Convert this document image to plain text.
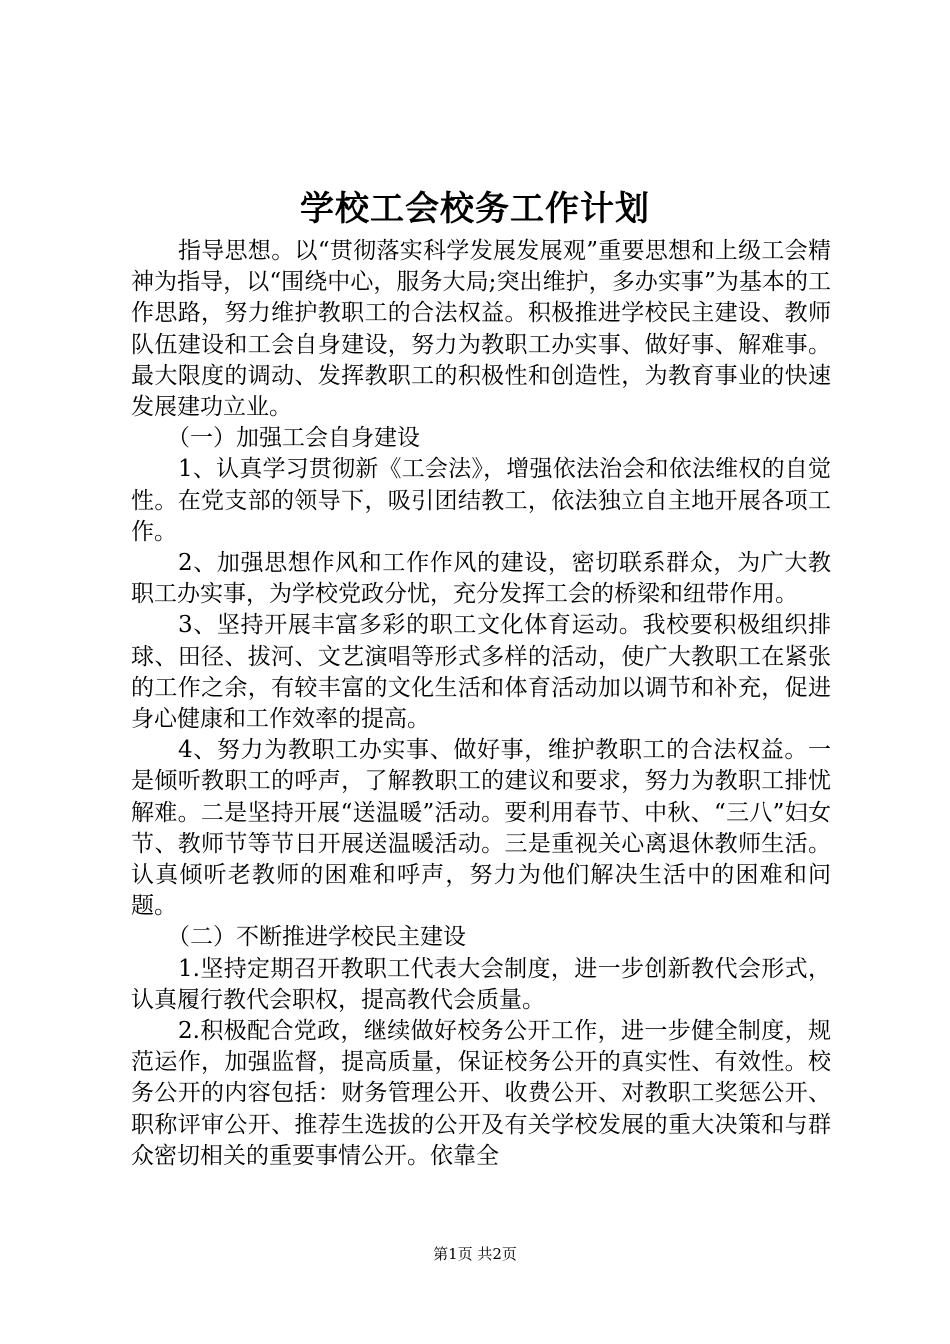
学校工会校务工作计划

指导思想。以“贯彻落实科学发展发展观”重要思想和上级工会精神为指导，以“围绕中心，服务大局;突出维护，多办实事”为基本的工作思路，努力维护教职工的合法权益。积极推进学校民主建设、教师队伍建设和工会自身建设，努力为教职工办实事、做好事、解难事。最大限度的调动、发挥教职工的积极性和创造性，为教育事业的快速发展建功立业。

（一）加强工会自身建设

1、认真学习贯彻新《工会法》，增强依法治会和依法维权的自觉性。在党支部的领导下，吸引团结教工，依法独立自主地开展各项工作。

2、加强思想作风和工作作风的建设，密切联系群众，为广大教职工办实事，为学校党政分忧，充分发挥工会的桥梁和纽带作用。

3、坚持开展丰富多彩的职工文化体育运动。我校要积极组织排球、田径、拔河、文艺演唱等形式多样的活动，使广大教职工在紧张的工作之余，有较丰富的文化生活和体育活动加以调节和补充，促进身心健康和工作效率的提高。

4、努力为教职工办实事、做好事，维护教职工的合法权益。一是倾听教职工的呼声，了解教职工的建议和要求，努力为教职工排忧解难。二是坚持开展“送温暖”活动。要利用春节、中秋、“三八”妇女节、教师节等节日开展送温暖活动。三是重视关心离退休教师生活。认真倾听老教师的困难和呼声，努力为他们解决生活中的困难和问题。

（二）不断推进学校民主建设

1.坚持定期召开教职工代表大会制度，进一步创新教代会形式，认真履行教代会职权，提高教代会质量。

2.积极配合党政，继续做好校务公开工作，进一步健全制度，规范运作，加强监督，提高质量，保证校务公开的真实性、有效性。校务公开的内容包括：财务管理公开、收费公开、对教职工奖惩公开、职称评审公开、推荐生选拔的公开及有关学校发展的重大决策和与群众密切相关的重要事情公开。依靠全

第1页 共2页
